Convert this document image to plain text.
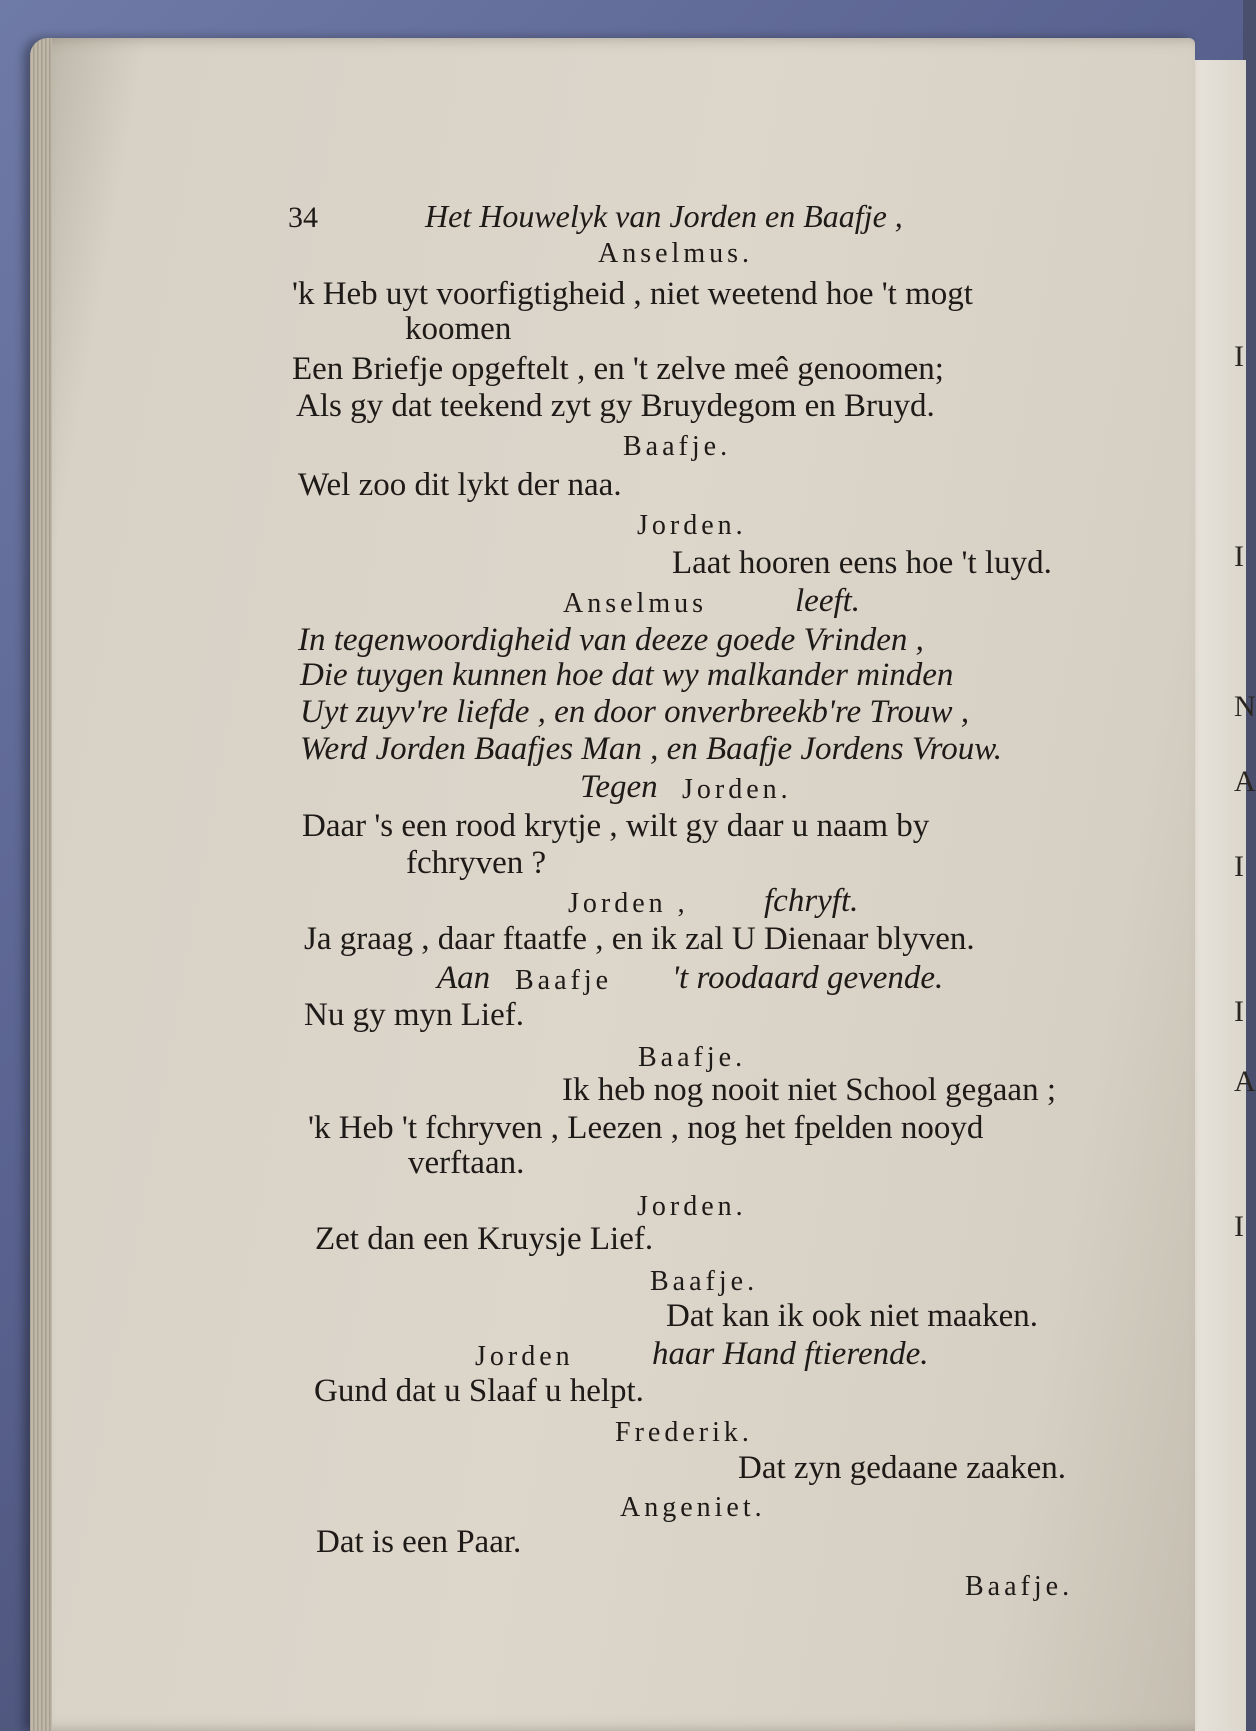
I
I
N
A
I
I
A
I
34	Het Houwelyk van Jorden en Baafje ,
Anselmus.
'k Heb uyt voorfigtigheid , niet weetend hoe 't mogt
koomen
Een Briefje opgeftelt , en 't zelve meê genoomen;
Als gy dat teekend zyt gy Bruydegom en Bruyd.
Baafje.
Wel zoo dit lykt der naa.
Jorden.
Laat hooren eens hoe 't luyd.
Anselmus	leeft.
In tegenwoordigheid van deeze goede Vrinden ,
Die tuygen kunnen hoe dat wy malkander minden
Uyt zuyv're liefde , en door onverbreekb're Trouw ,
Werd Jorden Baafjes Man , en Baafje Jordens Vrouw.
Tegen Jorden.
Daar 's een rood krytje , wilt gy daar u naam by
fchryven ?
Jorden , fchryft.
Ja graag , daar ftaatfe , en ik zal U Dienaar blyven.
Aan Baafje 't roodaard gevende.
Nu gy myn Lief.
Baafje.
Ik heb nog nooit niet School gegaan ;
'k Heb 't fchryven , Leezen , nog het fpelden nooyd
verftaan.
Jorden.
Zet dan een Kruysje Lief.
Baafje.
Dat kan ik ook niet maaken.
Jorden haar Hand ftierende.
Gund dat u Slaaf u helpt.
Frederik.
Dat zyn gedaane zaaken.
Angeniet.
Dat is een Paar.
Baafje.
